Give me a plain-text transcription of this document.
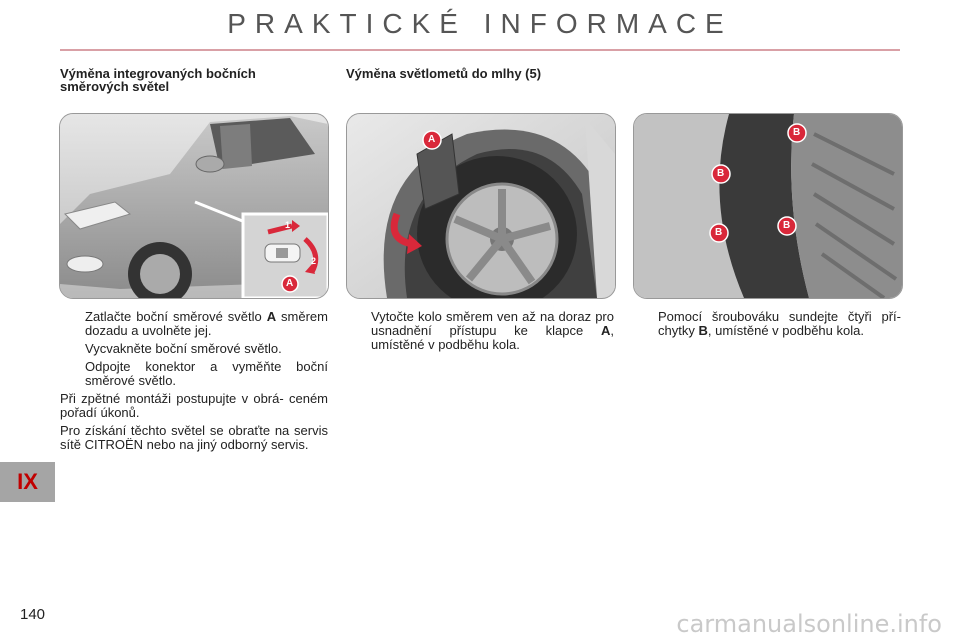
PRAKTICKÉ INFORMACE
Výměna integrovaných bočních
směrových světel
Výměna světlometů do mlhy (5)
1
2
A
A
B
B
B
B
Zatlačte boční směrové světlo A směrem dozadu a uvolněte jej.
Vycvakněte boční směrové světlo.
Odpojte konektor a vyměňte boční směrové světlo.
Při zpětné montáži postupujte v obrá- ceném pořadí úkonů.
Pro získání těchto světel se obraťte na servis sítě CITROËN nebo na jiný odborný servis.
Vytočte kolo směrem ven až na doraz pro usnadnění přístupu ke klapce A, umístěné v podběhu kola.
Pomocí šroubováku sundejte čtyři pří- chytky B, umístěné v podběhu kola.
IX
140	carmanualsonline.info
